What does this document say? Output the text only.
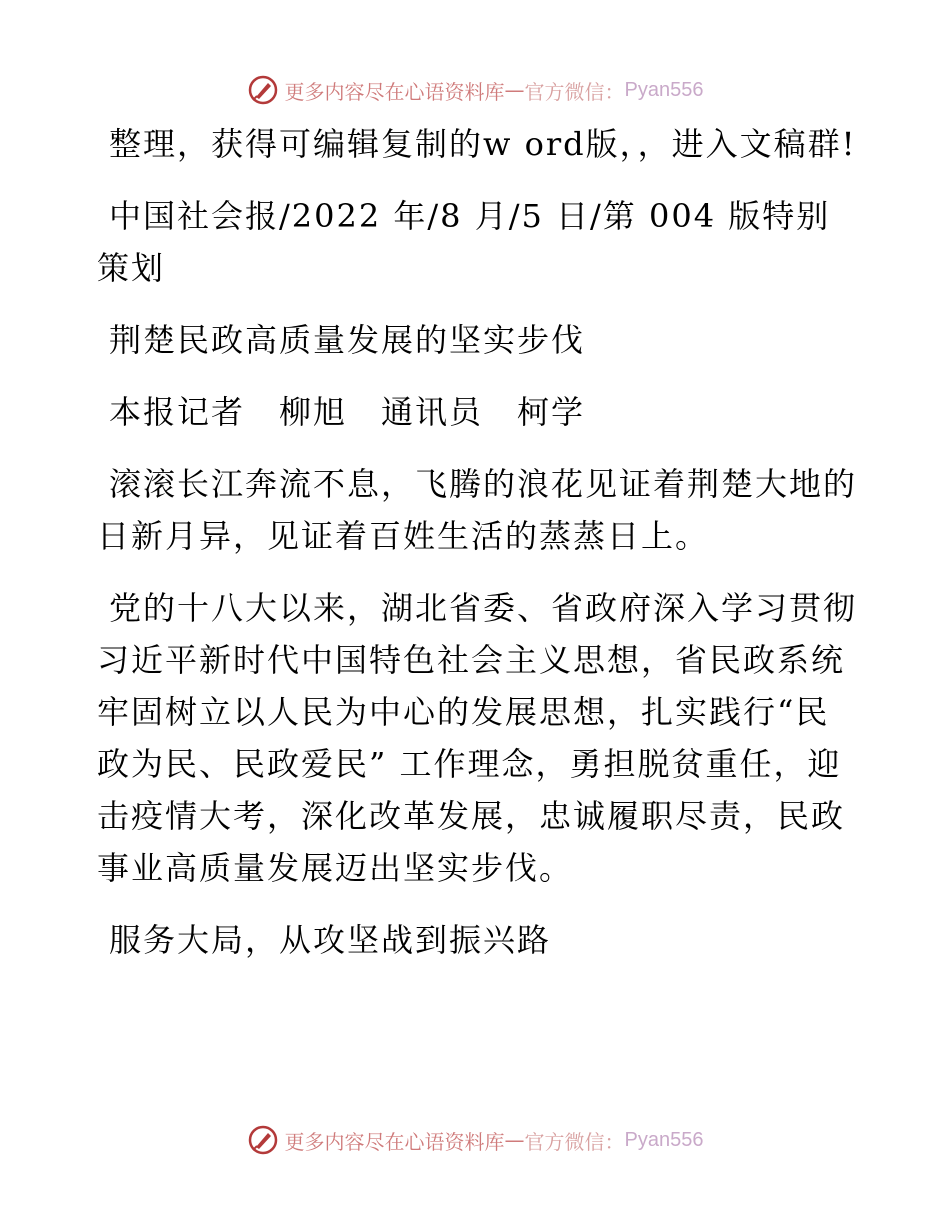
更多内容尽在心语资料库 — 官方微信： Pyan556

整理，获得可编辑复制的w ord版，，进入文稿群!

中国社会报/2022 年/8 月/5 日/第 004 版特别策划

荆楚民政高质量发展的坚实步伐

本报记者　柳旭　通讯员　柯学

滚滚长江奔流不息，飞腾的浪花见证着荆楚大地的日新月异，见证着百姓生活的蒸蒸日上。

党的十八大以来，湖北省委、省政府深入学习贯彻习近平新时代中国特色社会主义思想，省民政系统牢固树立以人民为中心的发展思想，扎实践行“民政为民、民政爱民” 工作理念，勇担脱贫重任，迎击疫情大考，深化改革发展，忠诚履职尽责，民政事业高质量发展迈出坚实步伐。

服务大局，从攻坚战到振兴路

更多内容尽在心语资料库 — 官方微信： Pyan556
